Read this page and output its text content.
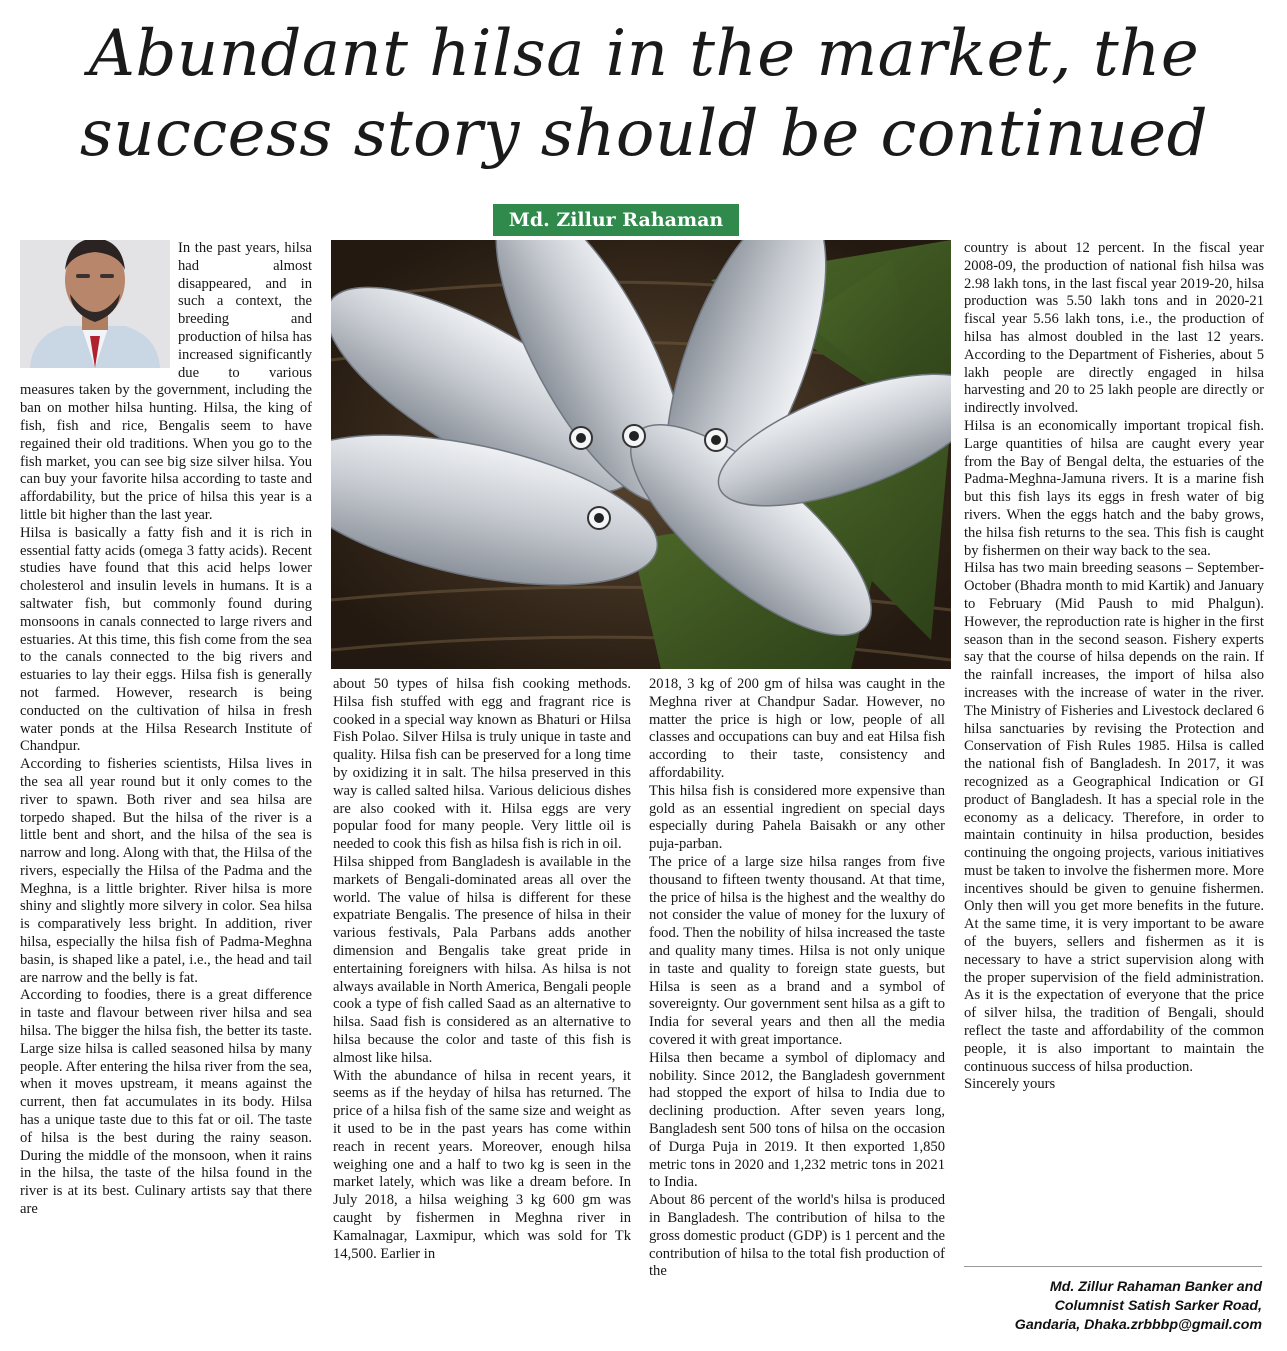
Abundant hilsa in the market, the success story should be continued
Md. Zillur Rahaman

In the past years, hilsa had almost disappeared, and in such a context, the breeding and production of hilsa has increased significantly due to various measures taken by the government, including the ban on mother hilsa hunting. Hilsa, the king of fish, fish and rice, Bengalis seem to have regained their old traditions. When you go to the fish market, you can see big size silver hilsa. You can buy your favorite hilsa according to taste and affordability, but the price of hilsa this year is a little bit higher than the last year.

Hilsa is basically a fatty fish and it is rich in essential fatty acids (omega 3 fatty acids). Recent studies have found that this acid helps lower cholesterol and insulin levels in humans. It is a saltwater fish, but commonly found during monsoons in canals connected to large rivers and estuaries. At this time, this fish come from the sea to the canals connected to the big rivers and estuaries to lay their eggs. Hilsa fish is generally not farmed. However, research is being conducted on the cultivation of hilsa in fresh water ponds at the Hilsa Research Institute of Chandpur.

According to fisheries scientists, Hilsa lives in the sea all year round but it only comes to the river to spawn. Both river and sea hilsa are torpedo shaped. But the hilsa of the river is a little bent and short, and the hilsa of the sea is narrow and long. Along with that, the Hilsa of the rivers, especially the Hilsa of the Padma and the Meghna, is a little brighter. River hilsa is more shiny and slightly more silvery in color. Sea hilsa is comparatively less bright. In addition, river hilsa, especially the hilsa fish of Padma-Meghna basin, is shaped like a patel, i.e., the head and tail are narrow and the belly is fat.

According to foodies, there is a great difference in taste and flavour between river hilsa and sea hilsa. The bigger the hilsa fish, the better its taste. Large size hilsa is called seasoned hilsa by many people. After entering the hilsa river from the sea, when it moves upstream, it means against the current, then fat accumulates in its body. Hilsa has a unique taste due to this fat or oil. The taste of hilsa is the best during the rainy season. During the middle of the monsoon, when it rains in the hilsa, the taste of the hilsa found in the river is at its best. Culinary artists say that there are

about 50 types of hilsa fish cooking methods. Hilsa fish stuffed with egg and fragrant rice is cooked in a special way known as Bhaturi or Hilsa Fish Polao. Silver Hilsa is truly unique in taste and quality. Hilsa fish can be preserved for a long time by oxidizing it in salt. The hilsa preserved in this way is called salted hilsa. Various delicious dishes are also cooked with it. Hilsa eggs are very popular food for many people. Very little oil is needed to cook this fish as hilsa fish is rich in oil.

Hilsa shipped from Bangladesh is available in the markets of Bengali-dominated areas all over the world. The value of hilsa is different for these expatriate Bengalis. The presence of hilsa in their various festivals, Pala Parbans adds another dimension and Bengalis take great pride in entertaining foreigners with hilsa. As hilsa is not always available in North America, Bengali people cook a type of fish called Saad as an alternative to hilsa. Saad fish is considered as an alternative to hilsa because the color and taste of this fish is almost like hilsa.

With the abundance of hilsa in recent years, it seems as if the heyday of hilsa has returned. The price of a hilsa fish of the same size and weight as it used to be in the past years has come within reach in recent years. Moreover, enough hilsa weighing one and a half to two kg is seen in the market lately, which was like a dream before. In July 2018, a hilsa weighing 3 kg 600 gm was caught by fishermen in Meghna river in Kamalnagar, Laxmipur, which was sold for Tk 14,500. Earlier in

2018, 3 kg of 200 gm of hilsa was caught in the Meghna river at Chandpur Sadar. However, no matter the price is high or low, people of all classes and occupations can buy and eat Hilsa fish according to their taste, consistency and affordability.

This hilsa fish is considered more expensive than gold as an essential ingredient on special days especially during Pahela Baisakh or any other puja-parban.

The price of a large size hilsa ranges from five thousand to fifteen twenty thousand. At that time, the price of hilsa is the highest and the wealthy do not consider the value of money for the luxury of food. Then the nobility of hilsa increased the taste and quality many times. Hilsa is not only unique in taste and quality to foreign state guests, but Hilsa is seen as a brand and a symbol of sovereignty. Our government sent hilsa as a gift to India for several years and then all the media covered it with great importance.

Hilsa then became a symbol of diplomacy and nobility. Since 2012, the Bangladesh government had stopped the export of hilsa to India due to declining production. After seven years long, Bangladesh sent 500 tons of hilsa on the occasion of Durga Puja in 2019. It then exported 1,850 metric tons in 2020 and 1,232 metric tons in 2021 to India.

About 86 percent of the world's hilsa is produced in Bangladesh. The contribution of hilsa to the gross domestic product (GDP) is 1 percent and the contribution of hilsa to the total fish production of the

country is about 12 percent. In the fiscal year 2008-09, the production of national fish hilsa was 2.98 lakh tons, in the last fiscal year 2019-20, hilsa production was 5.50 lakh tons and in 2020-21 fiscal year 5.56 lakh tons, i.e., the production of hilsa has almost doubled in the last 12 years. According to the Department of Fisheries, about 5 lakh people are directly engaged in hilsa harvesting and 20 to 25 lakh people are directly or indirectly involved.

Hilsa is an economically important tropical fish. Large quantities of hilsa are caught every year from the Bay of Bengal delta, the estuaries of the Padma-Meghna-Jamuna rivers. It is a marine fish but this fish lays its eggs in fresh water of big rivers. When the eggs hatch and the baby grows, the hilsa fish returns to the sea. This fish is caught by fishermen on their way back to the sea.

Hilsa has two main breeding seasons – September-October (Bhadra month to mid Kartik) and January to February (Mid Paush to mid Phalgun). However, the reproduction rate is higher in the first season than in the second season. Fishery experts say that the course of hilsa depends on the rain. If the rainfall increases, the import of hilsa also increases with the increase of water in the river. The Ministry of Fisheries and Livestock declared 6 hilsa sanctuaries by revising the Protection and Conservation of Fish Rules 1985. Hilsa is called the national fish of Bangladesh. In 2017, it was recognized as a Geographical Indication or GI product of Bangladesh. It has a special role in the economy as a delicacy. Therefore, in order to maintain continuity in hilsa production, besides continuing the ongoing projects, various initiatives must be taken to involve the fishermen more. More incentives should be given to genuine fishermen. Only then will you get more benefits in the future. At the same time, it is very important to be aware of the buyers, sellers and fishermen as it is necessary to have a strict supervision along with the proper supervision of the field administration. As it is the expectation of everyone that the price of silver hilsa, the tradition of Bengali, should reflect the taste and affordability of the common people, it is also important to maintain the continuous success of hilsa production.

Sincerely yours

Md. Zillur Rahaman Banker and
Columnist Satish Sarker Road,
Gandaria, Dhaka.zrbbbp@gmail.com
